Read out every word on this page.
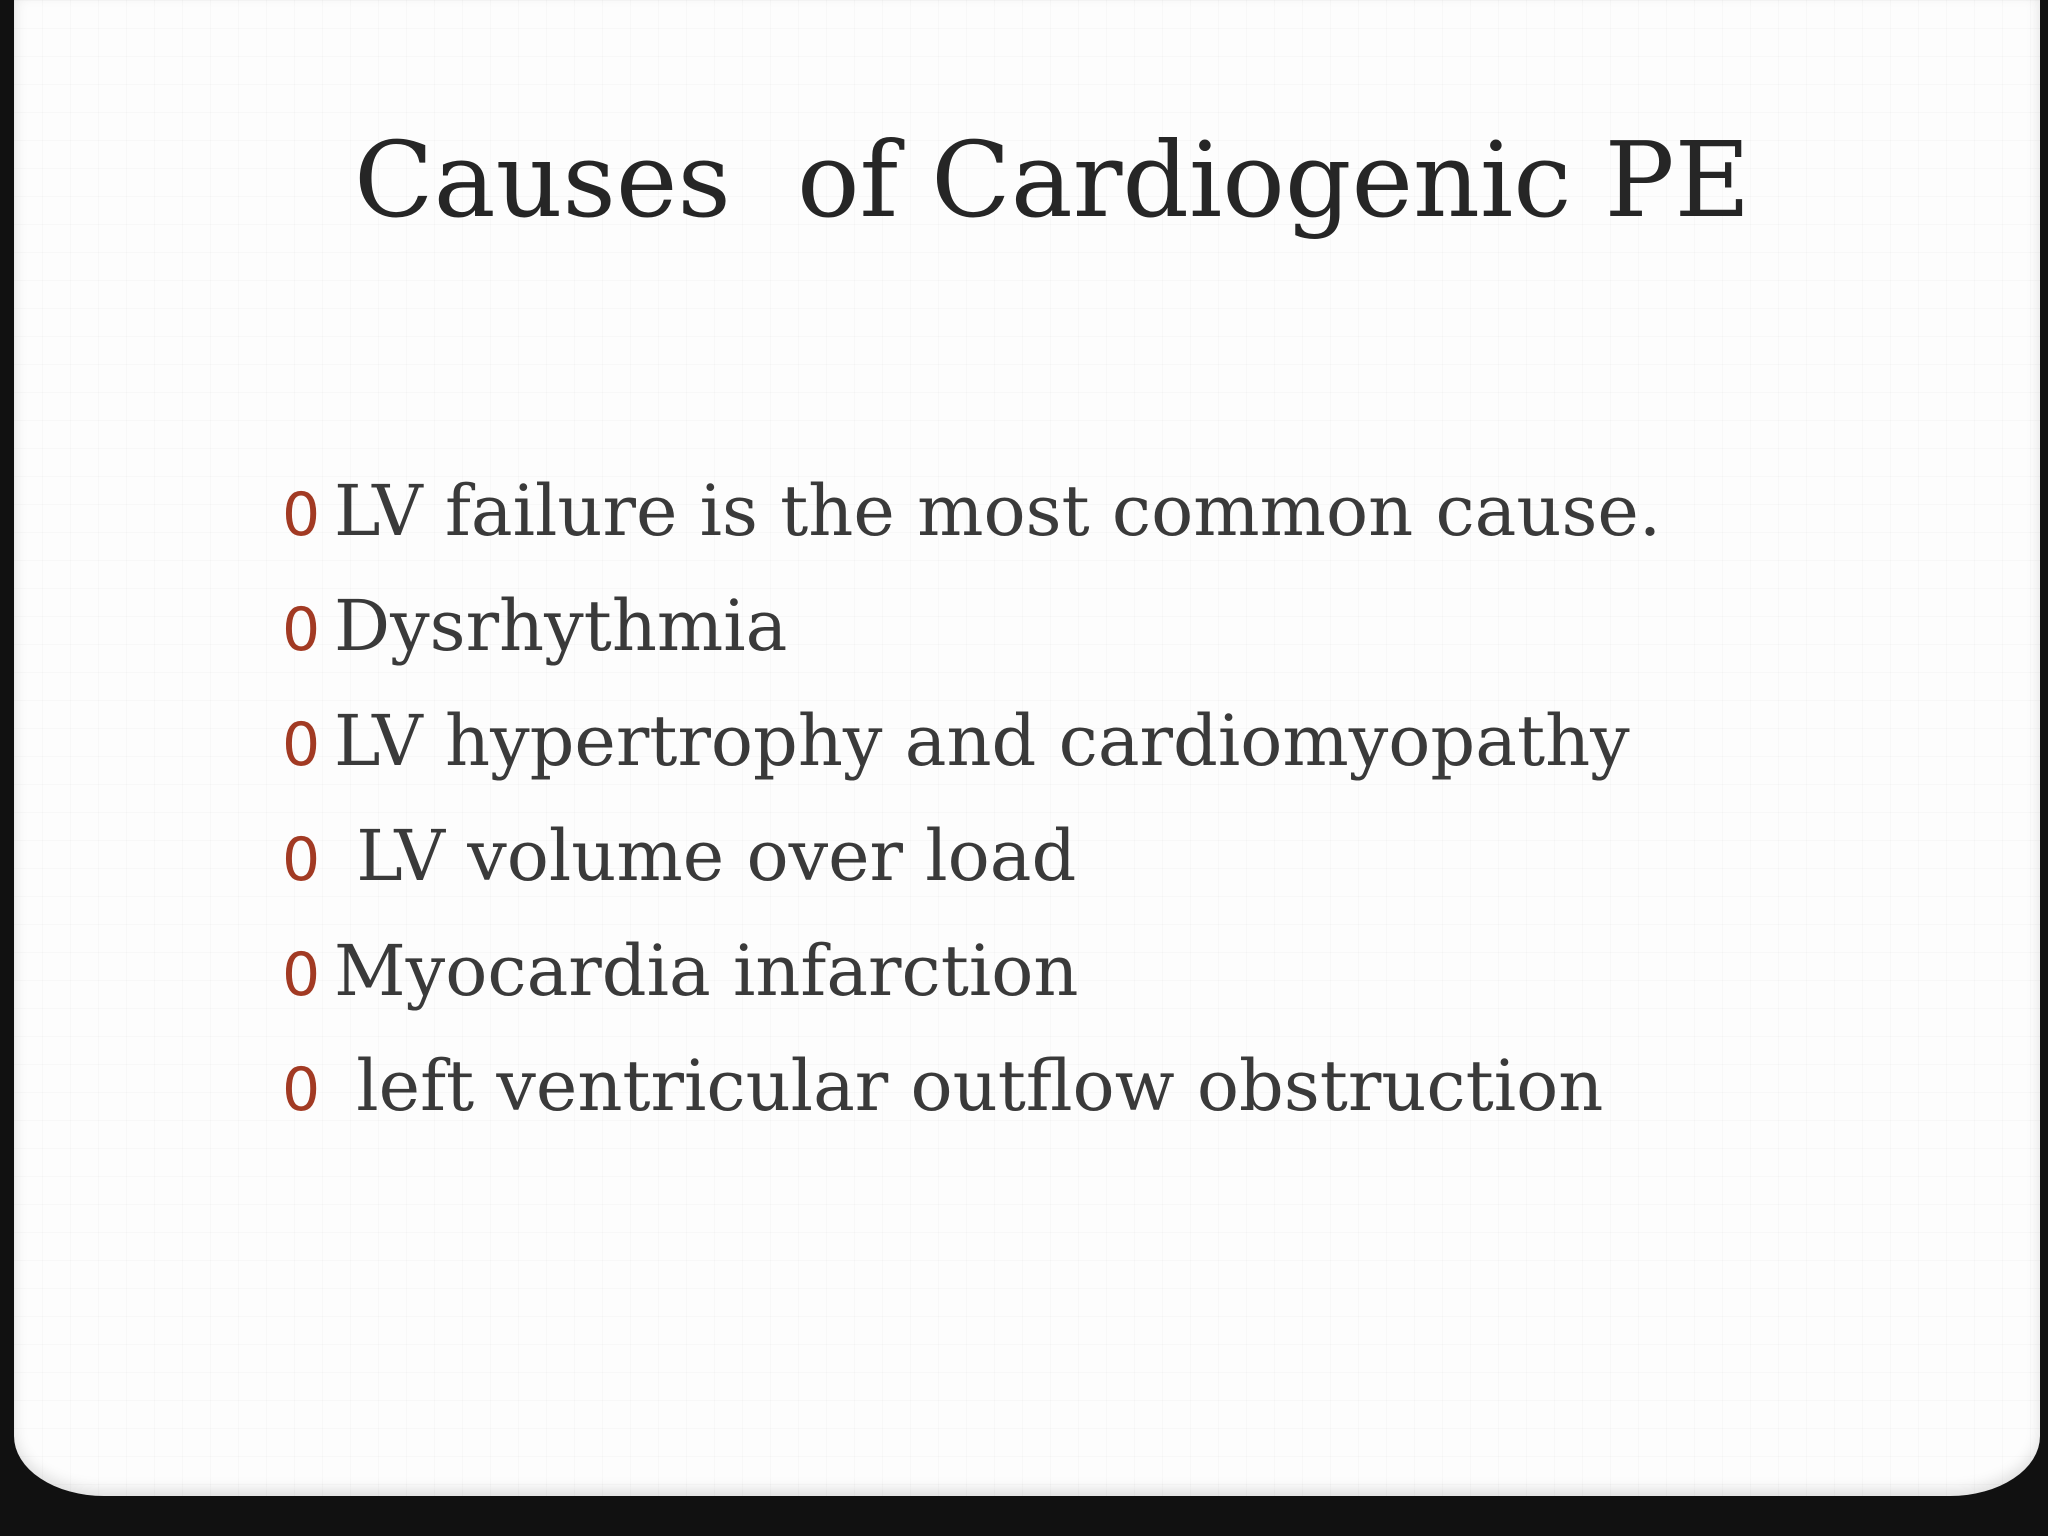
Causes  of Cardiogenic PE
0 LV failure is the most common cause.
0 Dysrhythmia
0 LV hypertrophy and cardiomyopathy
0 LV volume over load
0 Myocardia infarction
0 left ventricular outflow obstruction
